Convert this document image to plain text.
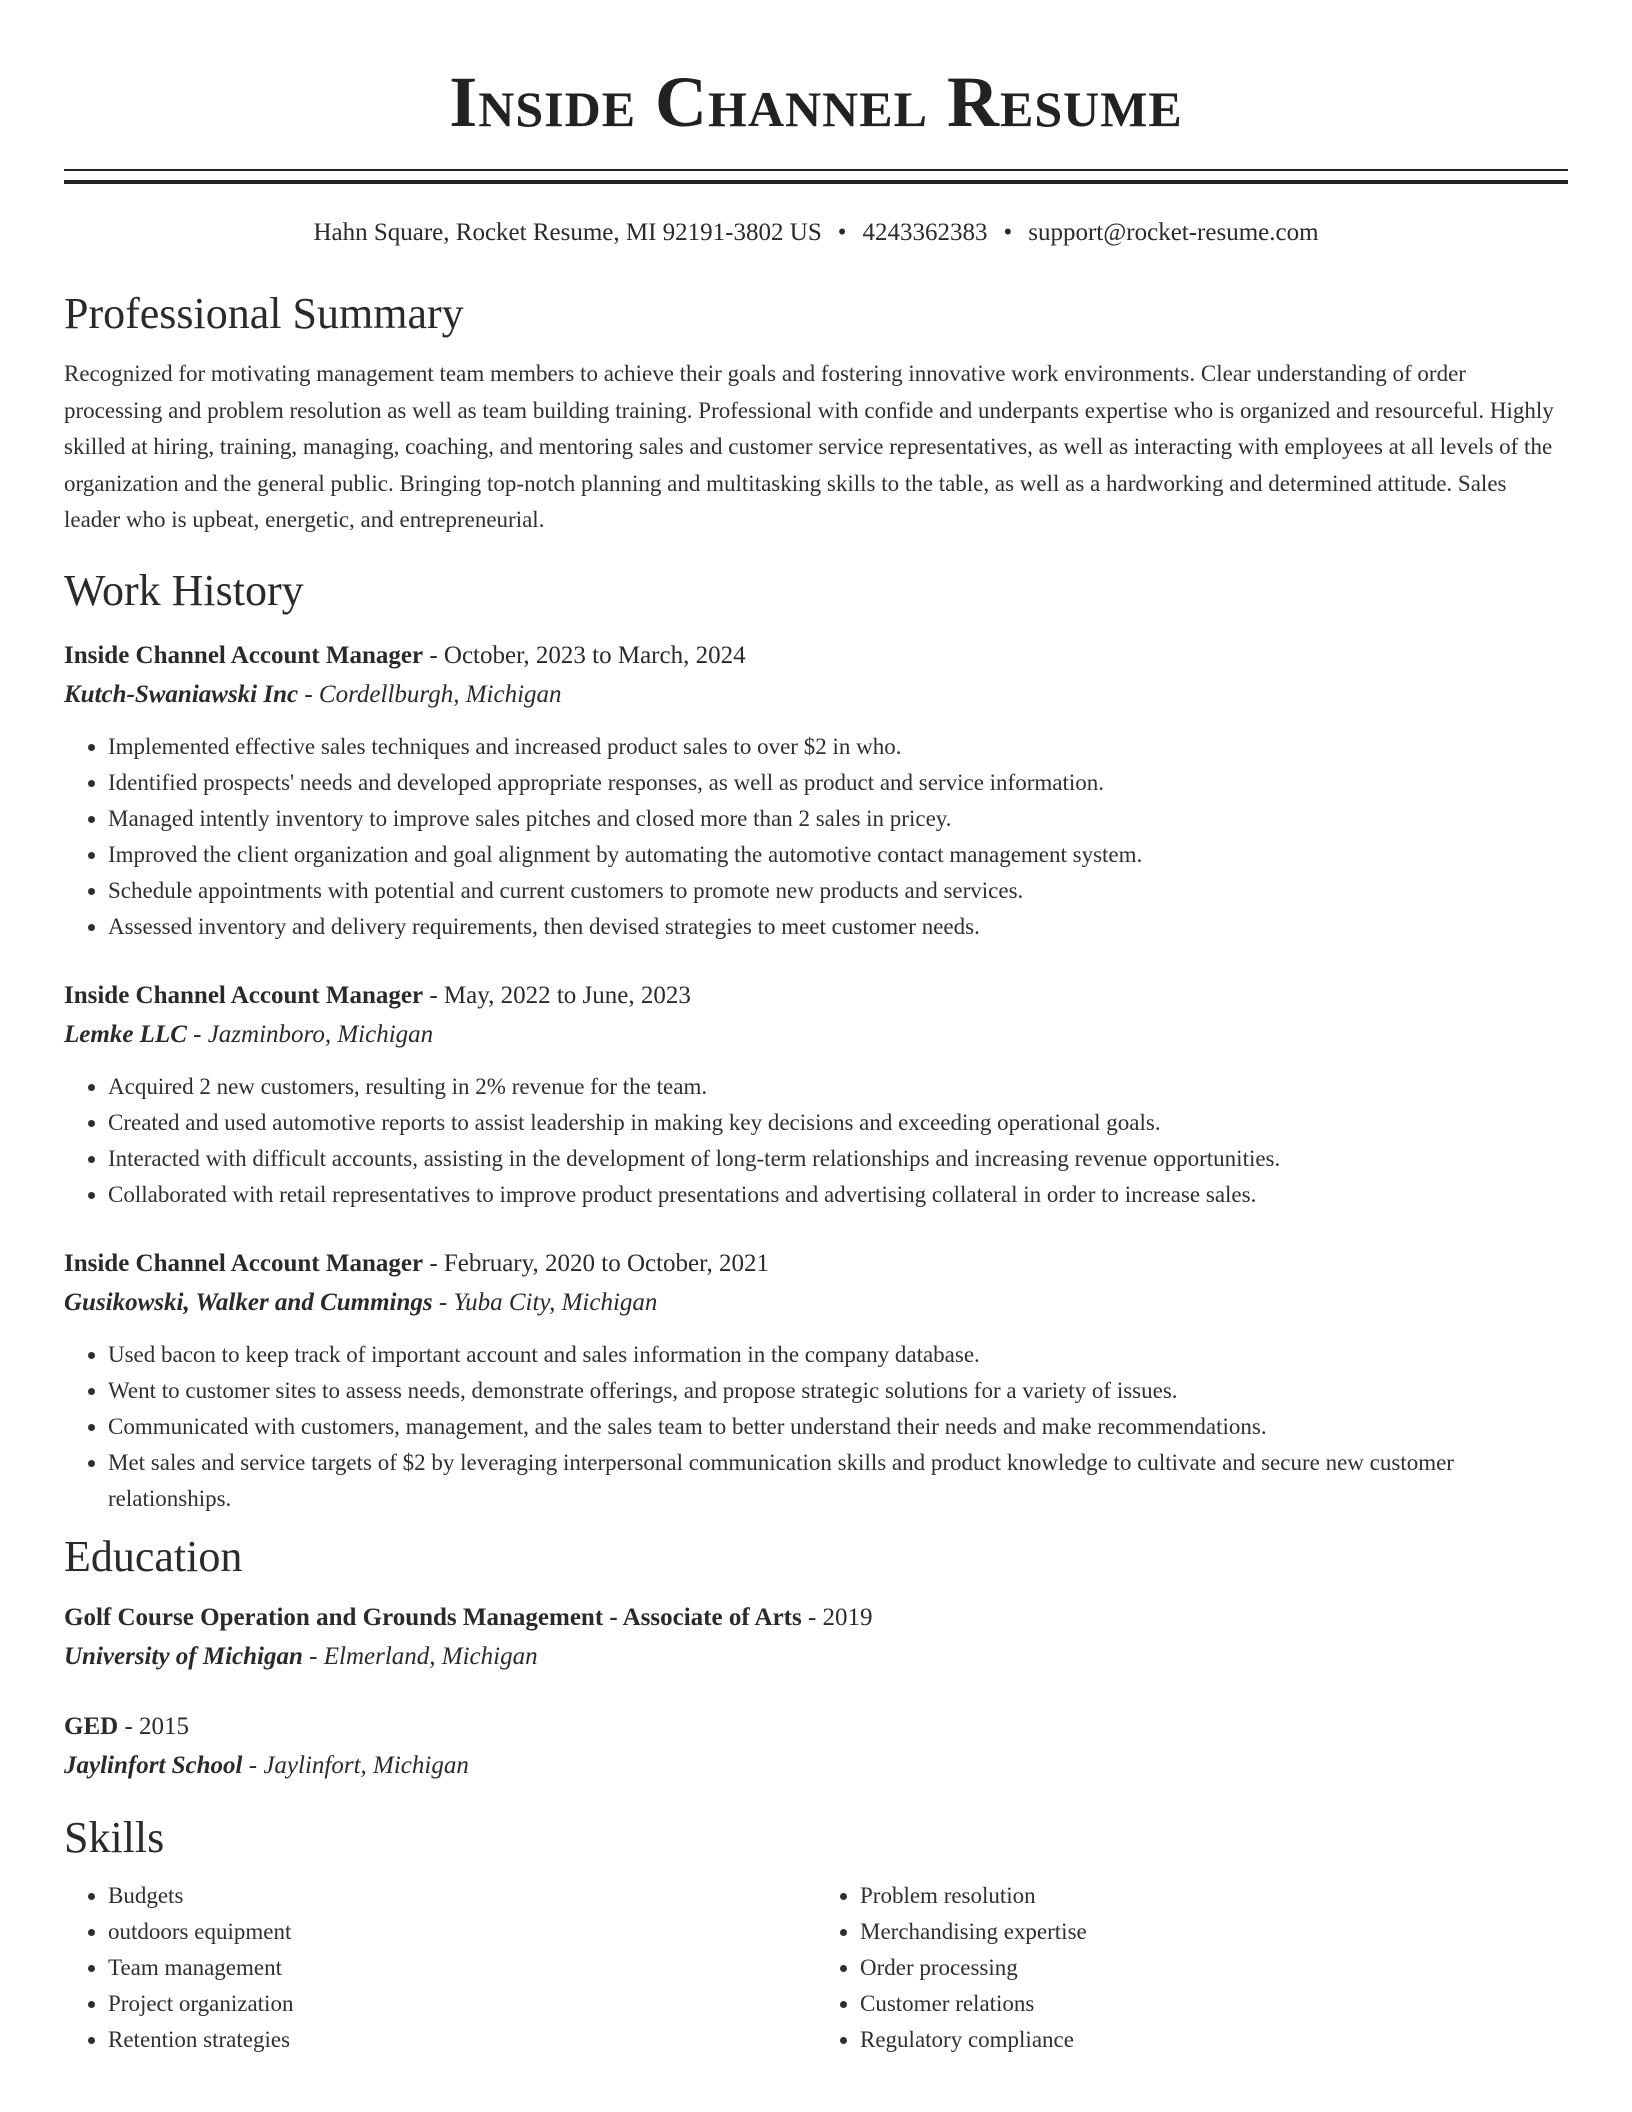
Inside Channel Resume
Hahn Square, Rocket Resume, MI 92191-3802 US • 4243362383 • support@rocket-resume.com
Professional Summary
Recognized for motivating management team members to achieve their goals and fostering innovative work environments. Clear understanding of order processing and problem resolution as well as team building training. Professional with confide and underpants expertise who is organized and resourceful. Highly skilled at hiring, training, managing, coaching, and mentoring sales and customer service representatives, as well as interacting with employees at all levels of the organization and the general public. Bringing top-notch planning and multitasking skills to the table, as well as a hardworking and determined attitude. Sales leader who is upbeat, energetic, and entrepreneurial.
Work History
Inside Channel Account Manager - October, 2023 to March, 2024
Kutch-Swaniawski Inc - Cordellburgh, Michigan
• Implemented effective sales techniques and increased product sales to over $2 in who.
• Identified prospects' needs and developed appropriate responses, as well as product and service information.
• Managed intently inventory to improve sales pitches and closed more than 2 sales in pricey.
• Improved the client organization and goal alignment by automating the automotive contact management system.
• Schedule appointments with potential and current customers to promote new products and services.
• Assessed inventory and delivery requirements, then devised strategies to meet customer needs.
Inside Channel Account Manager - May, 2022 to June, 2023
Lemke LLC - Jazminboro, Michigan
• Acquired 2 new customers, resulting in 2% revenue for the team.
• Created and used automotive reports to assist leadership in making key decisions and exceeding operational goals.
• Interacted with difficult accounts, assisting in the development of long-term relationships and increasing revenue opportunities.
• Collaborated with retail representatives to improve product presentations and advertising collateral in order to increase sales.
Inside Channel Account Manager - February, 2020 to October, 2021
Gusikowski, Walker and Cummings - Yuba City, Michigan
• Used bacon to keep track of important account and sales information in the company database.
• Went to customer sites to assess needs, demonstrate offerings, and propose strategic solutions for a variety of issues.
• Communicated with customers, management, and the sales team to better understand their needs and make recommendations.
• Met sales and service targets of $2 by leveraging interpersonal communication skills and product knowledge to cultivate and secure new customer relationships.
Education
Golf Course Operation and Grounds Management - Associate of Arts - 2019
University of Michigan - Elmerland, Michigan
GED - 2015
Jaylinfort School - Jaylinfort, Michigan
Skills
• Budgets
• outdoors equipment
• Team management
• Project organization
• Retention strategies
• Problem resolution
• Merchandising expertise
• Order processing
• Customer relations
• Regulatory compliance
